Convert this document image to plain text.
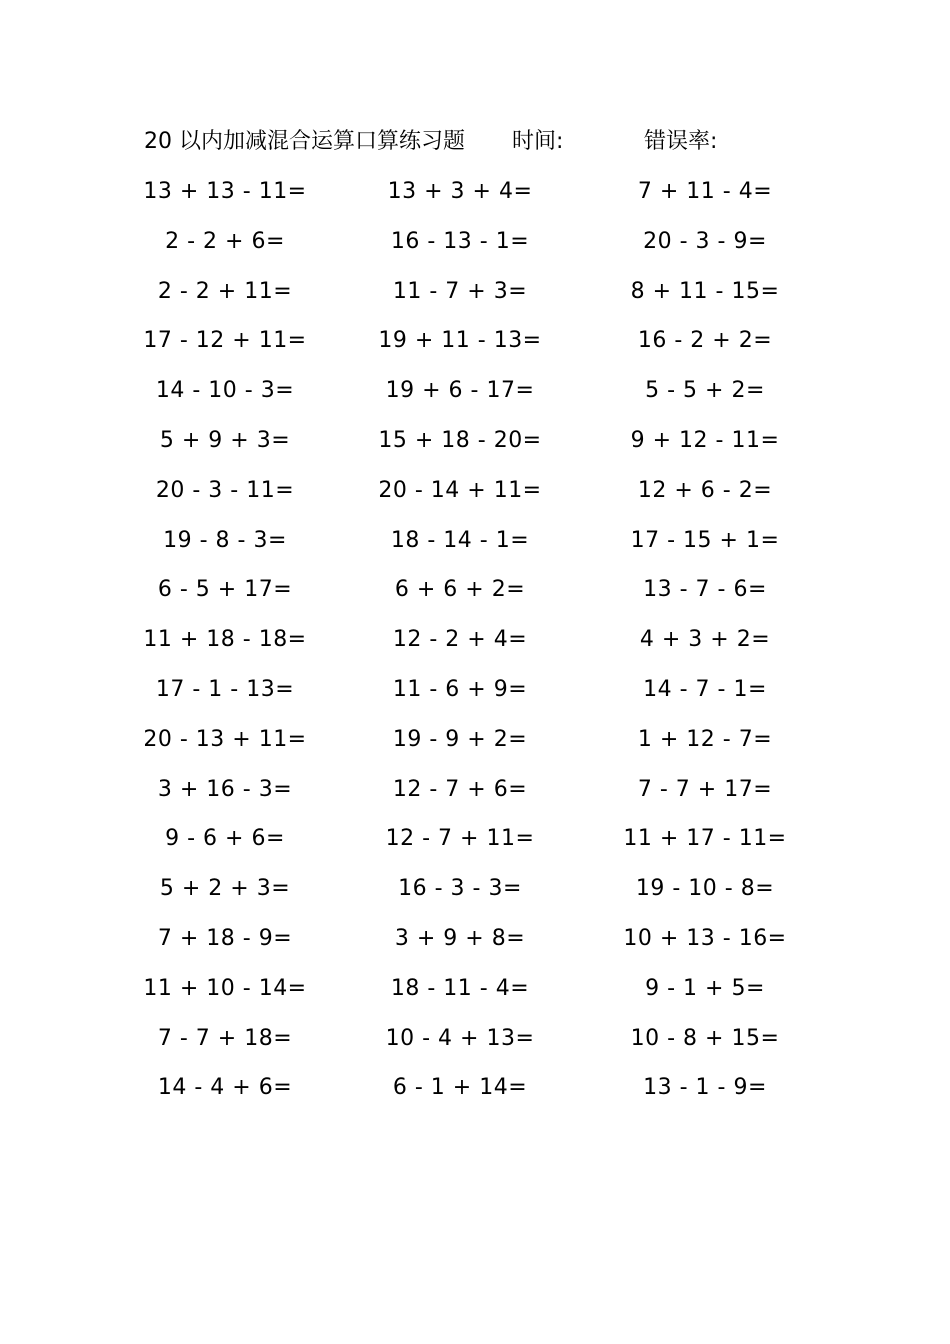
20 以内加减混合运算口算练习题 时间:	错误率:
13 + 13 - 11=	13 + 3 + 4=	7 + 11 - 4=
2 - 2 + 6=	16 - 13 - 1=	20 - 3 - 9=
2 - 2 + 11=	11 - 7 + 3=	8 + 11 - 15=
17 - 12 + 11=	19 + 11 - 13=	16 - 2 + 2=
14 - 10 - 3=	19 + 6 - 17=	5 - 5 + 2=
5 + 9 + 3=	15 + 18 - 20=	9 + 12 - 11=
20 - 3 - 11=	20 - 14 + 11=	12 + 6 - 2=
19 - 8 - 3=	18 - 14 - 1=	17 - 15 + 1=
6 - 5 + 17=	6 + 6 + 2=	13 - 7 - 6=
11 + 18 - 18=	12 - 2 + 4=	4 + 3 + 2=
17 - 1 - 13=	11 - 6 + 9=	14 - 7 - 1=
20 - 13 + 11=	19 - 9 + 2=	1 + 12 - 7=
3 + 16 - 3=	12 - 7 + 6=	7 - 7 + 17=
9 - 6 + 6=	12 - 7 + 11=	11 + 17 - 11=
5 + 2 + 3=	16 - 3 - 3=	19 - 10 - 8=
7 + 18 - 9=	3 + 9 + 8=	10 + 13 - 16=
11 + 10 - 14=	18 - 11 - 4=	9 - 1 + 5=
7 - 7 + 18=	10 - 4 + 13=	10 - 8 + 15=
14 - 4 + 6=	6 - 1 + 14=	13 - 1 - 9=
